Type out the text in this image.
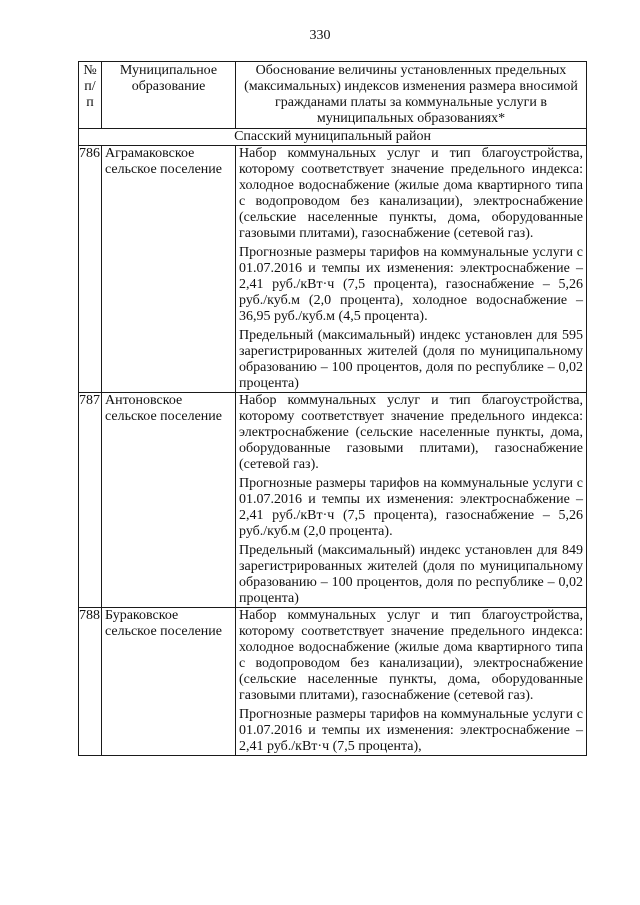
330
№ п/п	Муниципальное образование	Обоснование величины установленных предельных (максимальных) индексов изменения размера вносимой гражданами платы за коммунальные услуги в муниципальных образованиях*
Спасский муниципальный район		
786	Аграмаковское сельское поселение	Набор коммунальных услуг и тип благоустройства, которому соответствует значение предельного индекса: холодное водоснабжение (жилые дома квартирного типа с водопроводом без канализации), электроснабжение (сельские населенные пункты, дома, оборудованные газовыми плитами), газоснабжение (сетевой газ).

Прогнозные размеры тарифов на коммунальные услуги с 01.07.2016 и темпы их изменения: электроснабжение – 2,41 руб./кВт·ч (7,5 процента), газоснабжение – 5,26 руб./куб.м (2,0 процента), холодное водоснабжение – 36,95 руб./куб.м (4,5 процента).

Предельный (максимальный) индекс установлен для 595 зарегистрированных жителей (доля по муниципальному образованию – 100 процентов, доля по республике – 0,02 процента)

787	Антоновское сельское поселение	Набор коммунальных услуг и тип благоустройства, которому соответствует значение предельного индекса: электроснабжение (сельские населенные пункты, дома, оборудованные газовыми плитами), газоснабжение (сетевой газ).

Прогнозные размеры тарифов на коммунальные услуги с 01.07.2016 и темпы их изменения: электроснабжение – 2,41 руб./кВт·ч (7,5 процента), газоснабжение – 5,26 руб./куб.м (2,0 процента).

Предельный (максимальный) индекс установлен для 849 зарегистрированных жителей (доля по муниципальному образованию – 100 процентов, доля по республике – 0,02 процента)

788	Бураковское сельское поселение	Набор коммунальных услуг и тип благоустройства, которому соответствует значение предельного индекса: холодное водоснабжение (жилые дома квартирного типа с водопроводом без канализации), электроснабжение (сельские населенные пункты, дома, оборудованные газовыми плитами), газоснабжение (сетевой газ).

Прогнозные размеры тарифов на коммунальные услуги с 01.07.2016 и темпы их изменения: электроснабжение – 2,41 руб./кВт·ч (7,5 процента),
